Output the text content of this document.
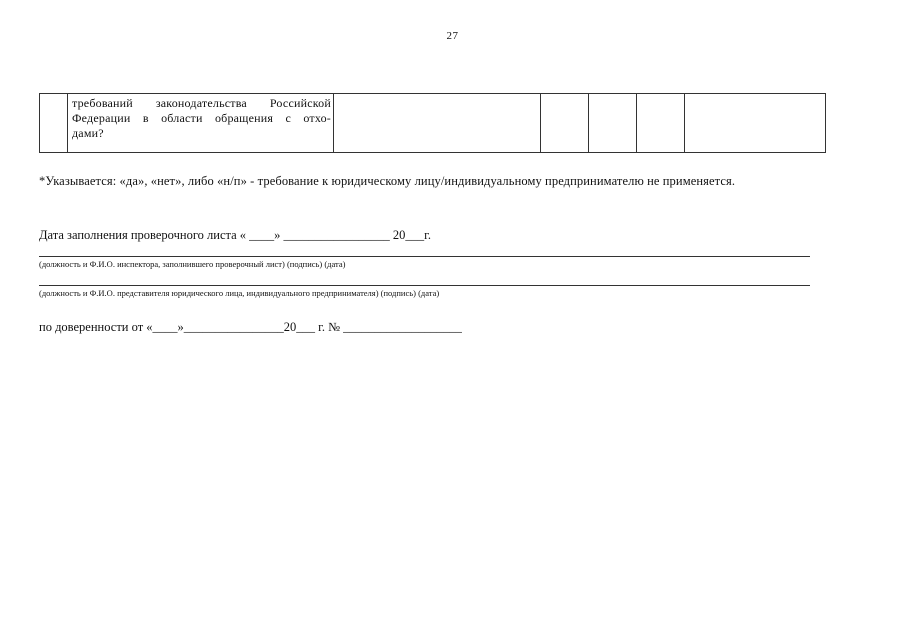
27

требований законодательства Российской
Федерации в области обращения с отхо-
дами?

*Указывается: «да», «нет», либо «н/п» - требование к юридическому лицу/индивидуальному предпринимателю не применяется.
Дата заполнения проверочного листа « ____» _________________ 20___г.
(должность и Ф.И.О. инспектора, заполнившего проверочный лист) (подпись) (дата)
(должность и Ф.И.О. представителя юридического лица, индивидуального предпринимателя) (подпись) (дата)
по доверенности от «____»________________20___ г. № ___________________
